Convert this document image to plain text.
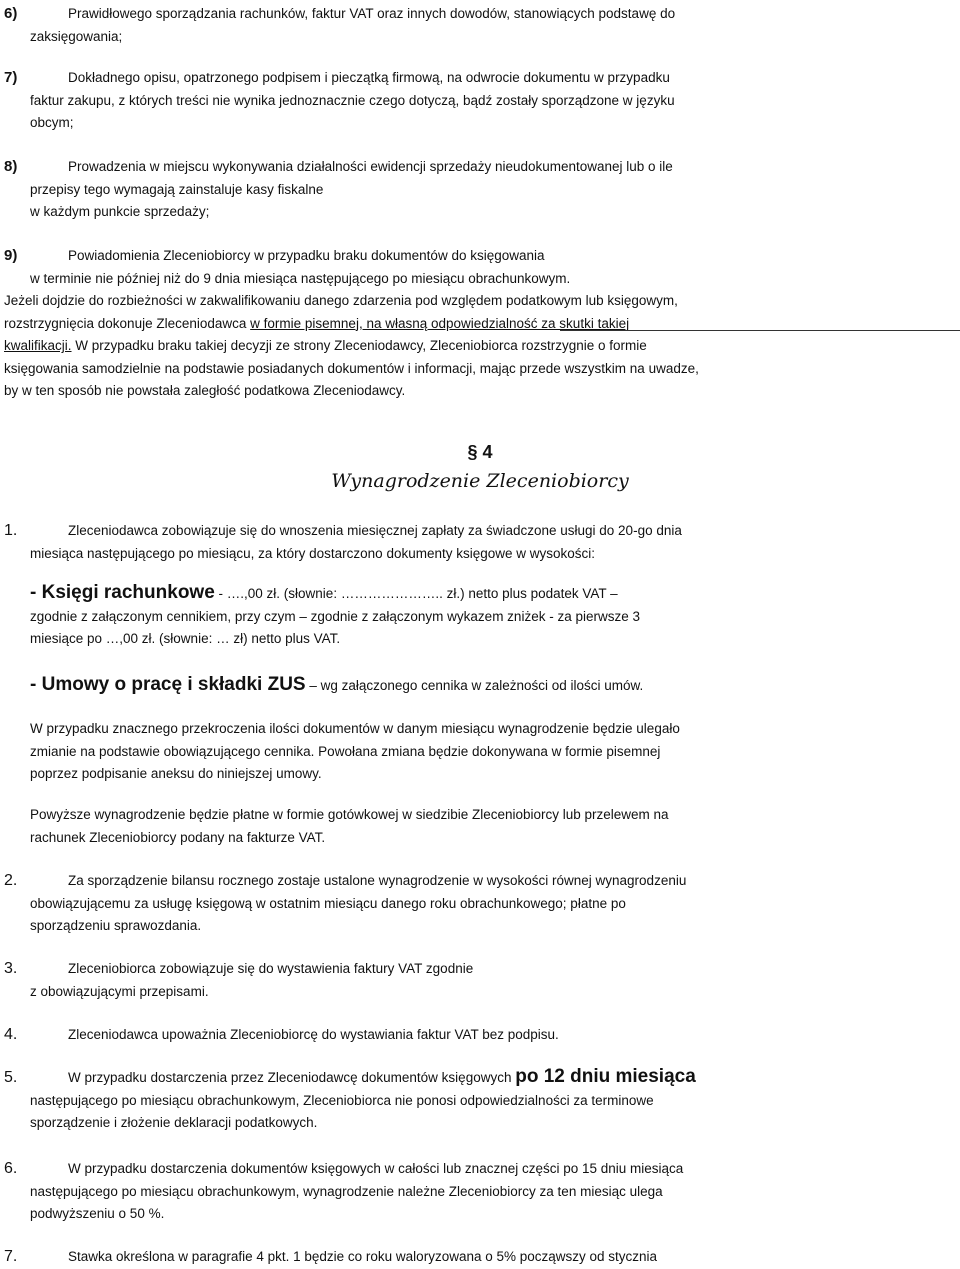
6)	Prawidłowego sporządzania rachunków, faktur VAT oraz innych dowodów, stanowiących podstawę do
zaksięgowania;
7)	Dokładnego opisu, opatrzonego podpisem i pieczątką firmową, na odwrocie dokumentu w przypadku
faktur zakupu, z których treści nie wynika jednoznacznie czego dotyczą, bądź zostały sporządzone w języku
obcym;
8)	Prowadzenia w miejscu wykonywania działalności ewidencji sprzedaży nieudokumentowanej lub o ile
przepisy tego wymagają zainstaluje kasy fiskalne
w każdym punkcie sprzedaży;
9)	Powiadomienia Zleceniobiorcy w przypadku braku dokumentów do księgowania
w terminie nie później niż do 9 dnia miesiąca następującego po miesiącu obrachunkowym.
Jeżeli dojdzie do rozbieżności w zakwalifikowaniu danego zdarzenia pod względem podatkowym lub księgowym,
rozstrzygnięcia dokonuje Zleceniodawca w formie pisemnej, na własną odpowiedzialność za skutki takiej
kwalifikacji. W przypadku braku takiej decyzji ze strony Zleceniodawcy, Zleceniobiorca rozstrzygnie o formie
księgowania samodzielnie na podstawie posiadanych dokumentów i informacji, mając przede wszystkim na uwadze,
by w ten sposób nie powstała zaległość podatkowa Zleceniodawcy.
§ 4
Wynagrodzenie Zleceniobiorcy
1.	Zleceniodawca zobowiązuje się do wnoszenia miesięcznej zapłaty za świadczone usługi do 20-go dnia
miesiąca następującego po miesiącu, za który dostarczono dokumenty księgowe w wysokości:
- Księgi rachunkowe - ….,00 zł. (słownie: ………………….. zł.) netto plus podatek VAT –
zgodnie z załączonym cennikiem, przy czym – zgodnie z załączonym wykazem zniżek - za pierwsze 3
miesiące po …,00 zł. (słownie: … zł) netto plus VAT.
- Umowy o pracę i składki ZUS – wg załączonego cennika w zależności od ilości umów.
W przypadku znacznego przekroczenia ilości dokumentów w danym miesiącu wynagrodzenie będzie ulegało
zmianie na podstawie obowiązującego cennika. Powołana zmiana będzie dokonywana w formie pisemnej
poprzez podpisanie aneksu do niniejszej umowy.
Powyższe wynagrodzenie będzie płatne w formie gotówkowej w siedzibie Zleceniobiorcy lub przelewem na
rachunek Zleceniobiorcy podany na fakturze VAT.
2.	Za sporządzenie bilansu rocznego zostaje ustalone wynagrodzenie w wysokości równej wynagrodzeniu
obowiązującemu za usługę księgową w ostatnim miesiącu danego roku obrachunkowego; płatne po
sporządzeniu sprawozdania.
3.	Zleceniobiorca zobowiązuje się do wystawienia faktury VAT zgodnie
z obowiązującymi przepisami.
4.	Zleceniodawca upoważnia Zleceniobiorcę do wystawiania faktur VAT bez podpisu.
5.	W przypadku dostarczenia przez Zleceniodawcę dokumentów księgowych po 12 dniu miesiąca
następującego po miesiącu obrachunkowym, Zleceniobiorca nie ponosi odpowiedzialności za terminowe
sporządzenie i złożenie deklaracji podatkowych.
6.	W przypadku dostarczenia dokumentów księgowych w całości lub znacznej części po 15 dniu miesiąca
następującego po miesiącu obrachunkowym, wynagrodzenie należne Zleceniobiorcy za ten miesiąc ulega
podwyższeniu o 50 %.
7.	Stawka określona w paragrafie 4 pkt. 1 będzie co roku waloryzowana o 5% począwszy od stycznia
